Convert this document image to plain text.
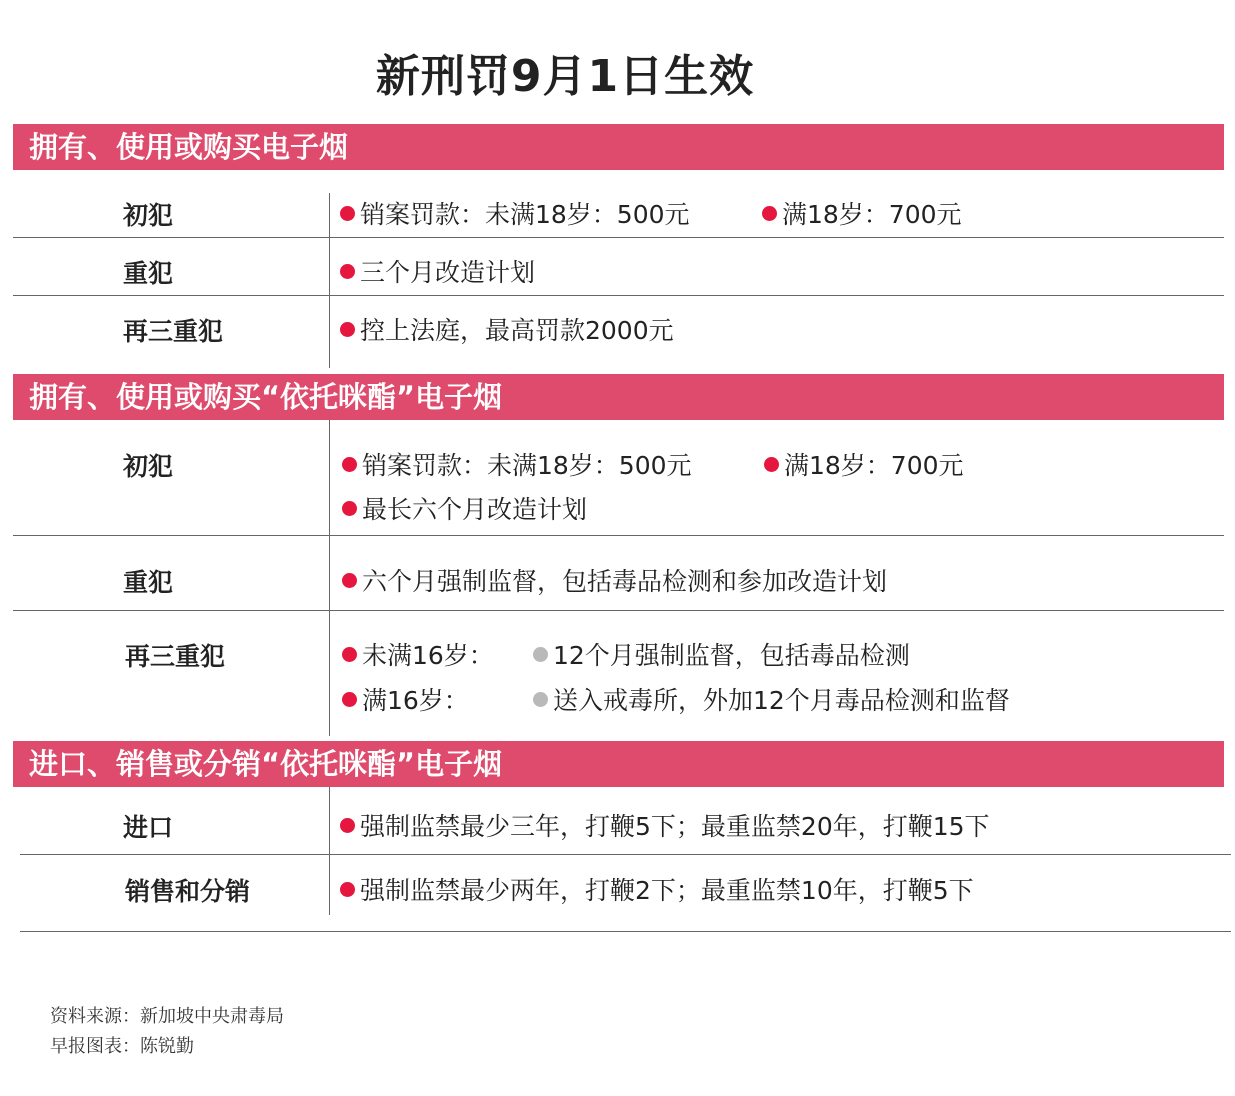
新刑罚9月1日生效
拥有、使用或购买电子烟
初犯	销案罚款：未满18岁：500元	满18岁：700元
重犯	三个月改造计划
再三重犯	控上法庭，最高罚款2000元
拥有、使用或购买“依托咪酯”电子烟
初犯	销案罚款：未满18岁：500元	满18岁：700元
最长六个月改造计划
重犯	六个月强制监督，包括毒品检测和参加改造计划
再三重犯	未满16岁： 12个月强制监督，包括毒品检测
满16岁：	送入戒毒所，外加12个月毒品检测和监督
进口、销售或分销“依托咪酯”电子烟
进口	强制监禁最少三年，打鞭5下；最重监禁20年，打鞭15下
销售和分销	强制监禁最少两年，打鞭2下；最重监禁10年，打鞭5下
资料来源：新加坡中央肃毒局
早报图表：陈锐勤
